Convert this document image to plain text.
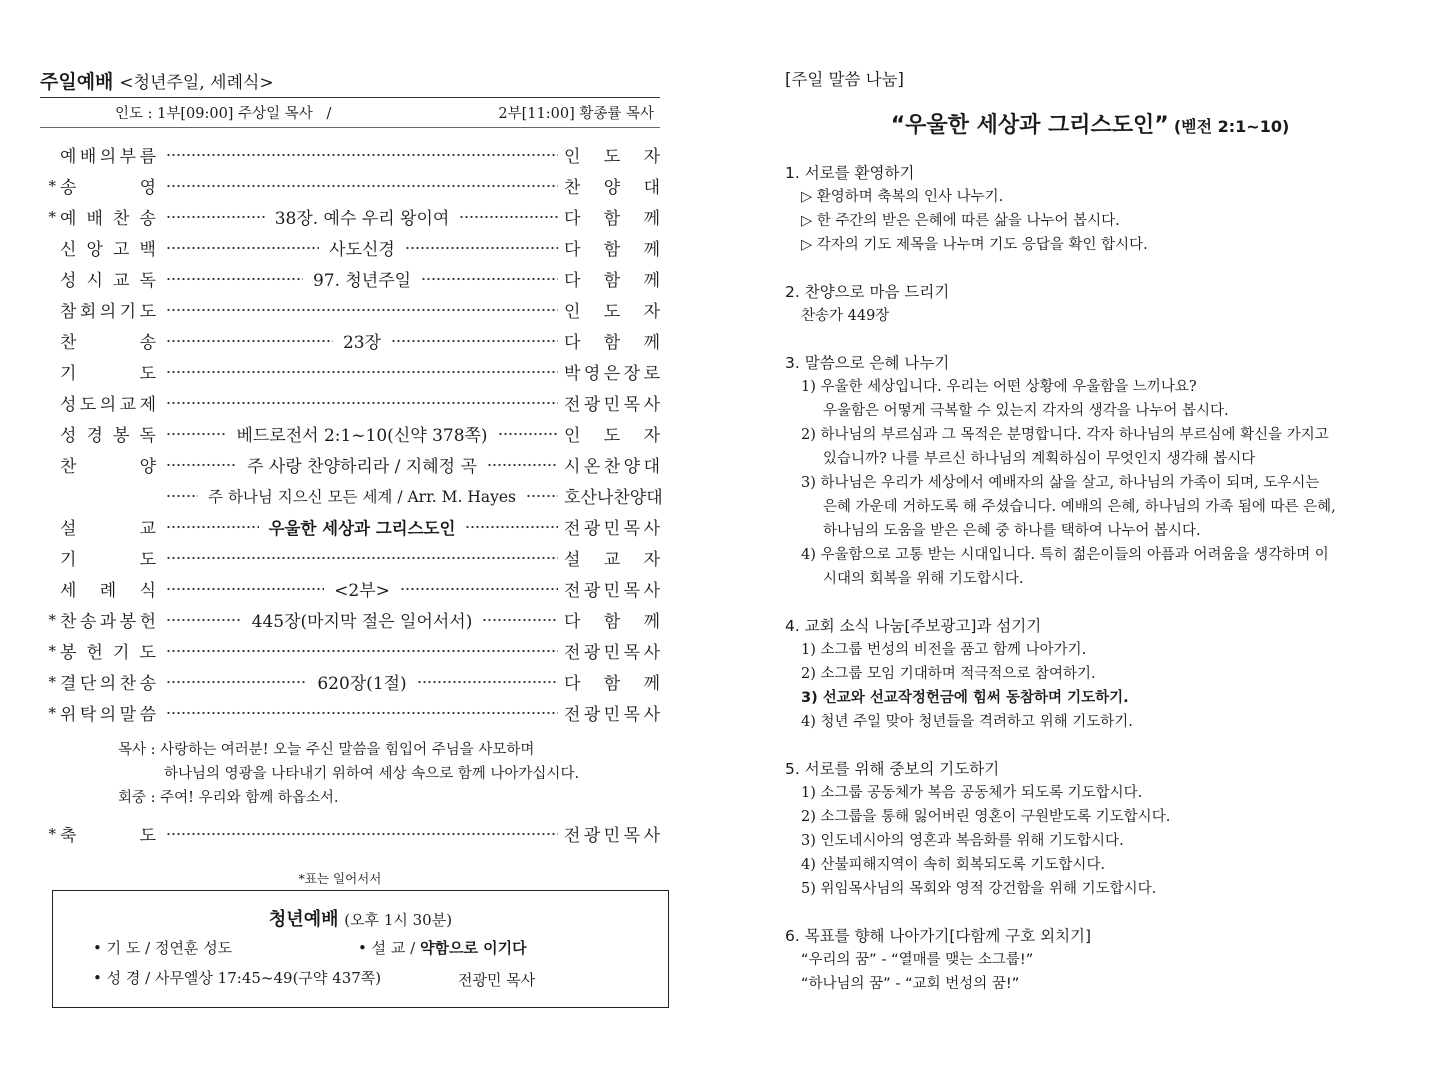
주일예배 <청년주일, 세례식>
인도 : 1부[09:00] 주상일 목사 /	2부[11:00] 황종률 목사
예 배 의 부 름	인 도 자
* 송	영	찬 양 대
* 예 배 찬 송	38장. 예수 우리 왕이여	다 함 께
신 앙 고 백	사도신경	다 함 께
성 시 교 독	97. 청년주일	다 함 께
참 회 의 기 도	인 도 자
찬	송	23장	다 함 께
기	도	박 영 은 장 로
성 도 의 교 제	전 광 민 목 사
성 경 봉 독	베드로전서 2:1~10(신약 378쪽)	인 도 자
찬	양	주 사랑 찬양하리라 / 지혜정 곡	시 온 찬 양 대
주 하나님 지으신 모든 세계 / Arr. M. Hayes	호 산 나 찬 양 대
설	교	우울한 세상과 그리스도인	전 광 민 목 사
기	도	설 교 자
세 례 식	<2부>	전 광 민 목 사
* 찬 송 과 봉 헌	445장(마지막 절은 일어서서)	다 함 께
* 봉 헌 기 도	전 광 민 목 사
* 결 단 의 찬 송	620장(1절)	다 함 께
* 위 탁 의 말 씀	전 광 민 목 사
목사 : 사랑하는 여러분! 오늘 주신 말씀을 힘입어 주님을 사모하며
하나님의 영광을 나타내기 위하여 세상 속으로 함께 나아가십시다.
회중 : 주여! 우리와 함께 하옵소서.
* 축	도	전 광 민 목 사
*표는 일어서서
청년예배 (오후 1시 30분)
• 기 도 / 정연훈 성도	• 설 교 / 약함으로 이기다
• 성 경 / 사무엘상 17:45~49(구약 437쪽)	전광민 목사
[주일 말씀 나눔]
“우울한 세상과 그리스도인” (벧전 2:1~10)
1. 서로를 환영하기
▷ 환영하며 축복의 인사 나누기.
▷ 한 주간의 받은 은혜에 따른 삶을 나누어 봅시다.
▷ 각자의 기도 제목을 나누며 기도 응답을 확인 합시다.
2. 찬양으로 마음 드리기
찬송가 449장
3. 말씀으로 은혜 나누기
1) 우울한 세상입니다. 우리는 어떤 상황에 우울함을 느끼나요?
우울함은 어떻게 극복할 수 있는지 각자의 생각을 나누어 봅시다.
2) 하나님의 부르심과 그 목적은 분명합니다. 각자 하나님의 부르심에 확신을 가지고
있습니까? 나를 부르신 하나님의 계획하심이 무엇인지 생각해 봅시다
3) 하나님은 우리가 세상에서 예배자의 삶을 살고, 하나님의 가족이 되며, 도우시는
은혜 가운데 거하도록 해 주셨습니다. 예배의 은혜, 하나님의 가족 됨에 따른 은혜,
하나님의 도움을 받은 은혜 중 하나를 택하여 나누어 봅시다.
4) 우울함으로 고통 받는 시대입니다. 특히 젊은이들의 아픔과 어려움을 생각하며 이
시대의 회복을 위해 기도합시다.
4. 교회 소식 나눔[주보광고]과 섬기기
1) 소그룹 번성의 비전을 품고 함께 나아가기.
2) 소그룹 모임 기대하며 적극적으로 참여하기.
3) 선교와 선교작정헌금에 힘써 동참하며 기도하기.
4) 청년 주일 맞아 청년들을 격려하고 위해 기도하기.
5. 서로를 위해 중보의 기도하기
1) 소그룹 공동체가 복음 공동체가 되도록 기도합시다.
2) 소그룹을 통해 잃어버린 영혼이 구원받도록 기도합시다.
3) 인도네시아의 영혼과 복음화를 위해 기도합시다.
4) 산불피해지역이 속히 회복되도록 기도합시다.
5) 위임목사님의 목회와 영적 강건함을 위해 기도합시다.
6. 목표를 향해 나아가기[다함께 구호 외치기]
“우리의 꿈” - “열매를 맺는 소그룹!”
“하나님의 꿈” - “교회 번성의 꿈!”
